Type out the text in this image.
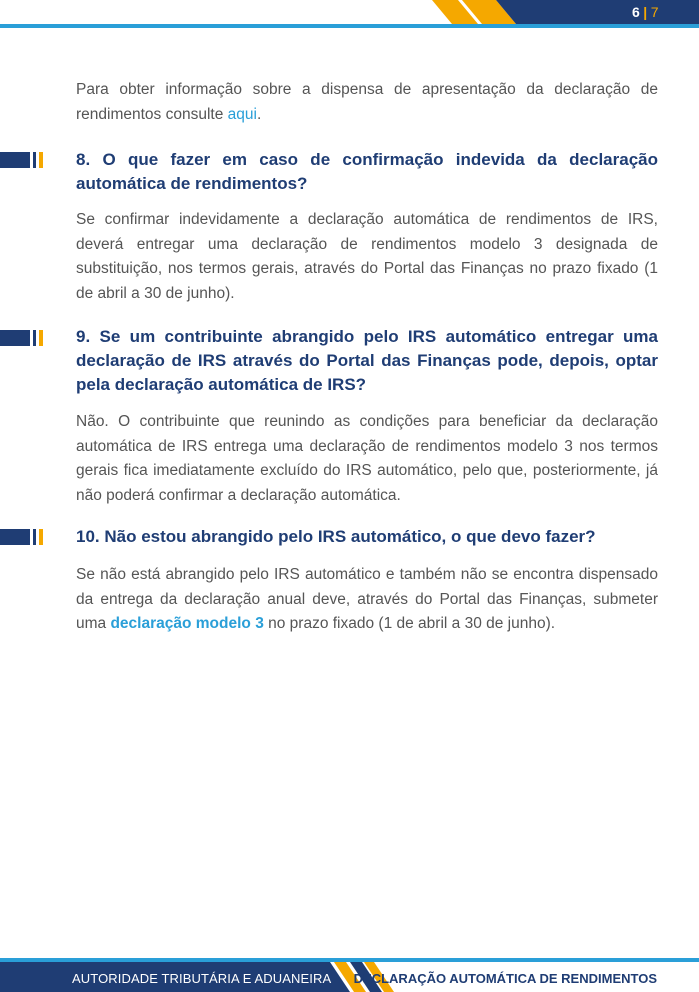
6 | 7
Para obter informação sobre a dispensa de apresentação da declaração de rendimentos consulte aqui.
8. O que fazer em caso de confirmação indevida da declaração automática de rendimentos?
Se confirmar indevidamente a declaração automática de rendimentos de IRS, deverá entregar uma declaração de rendimentos modelo 3 designada de substituição, nos termos gerais, através do Portal das Finanças no prazo fixado (1 de abril a 30 de junho).
9. Se um contribuinte abrangido pelo IRS automático entregar uma declaração de IRS através do Portal das Finanças pode, depois, optar pela declaração automática de IRS?
Não. O contribuinte que reunindo as condições para beneficiar da declaração automática de IRS entrega uma declaração de rendimentos modelo 3 nos termos gerais fica imediatamente excluído do IRS automático, pelo que, posteriormente, já não poderá confirmar a declaração automática.
10. Não estou abrangido pelo IRS automático, o que devo fazer?
Se não está abrangido pelo IRS automático e também não se encontra dispensado da entrega da declaração anual deve, através do Portal das Finanças, submeter uma declaração modelo 3 no prazo fixado (1 de abril a 30 de junho).
AUTORIDADE TRIBUTÁRIA E ADUANEIRA DECLARAÇÃO AUTOMÁTICA DE RENDIMENTOS
